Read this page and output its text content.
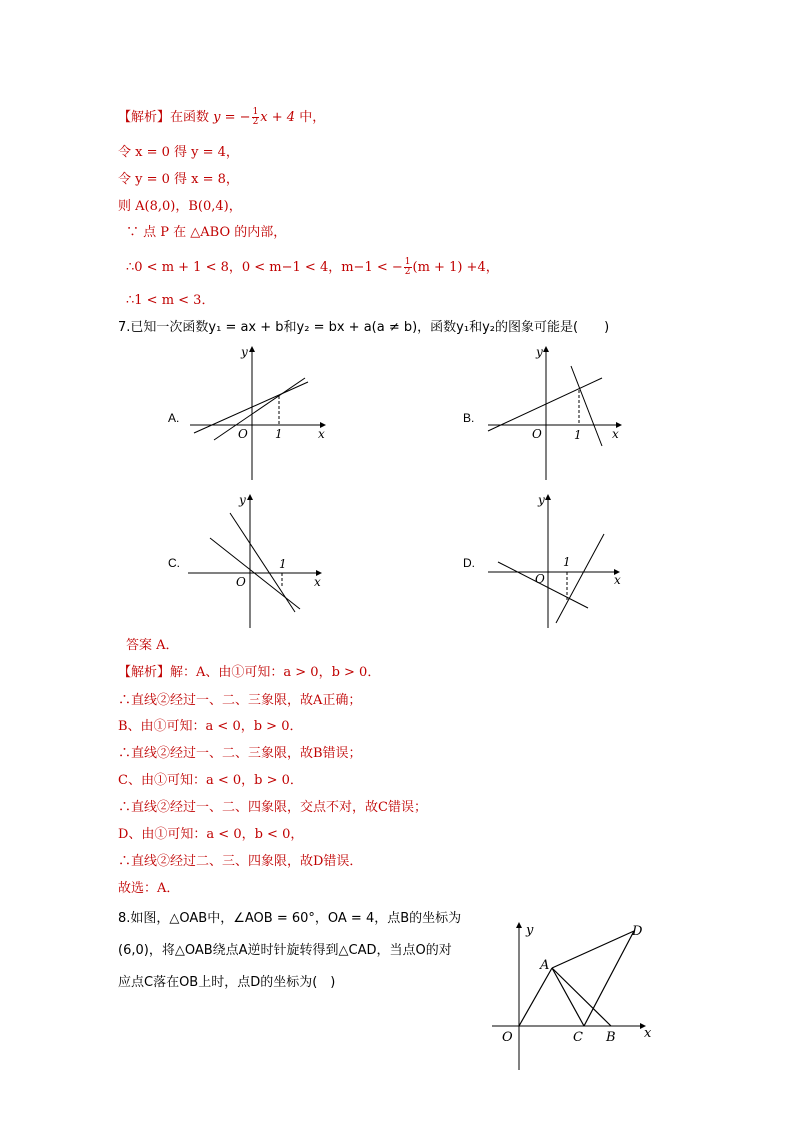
【解析】在函数 y = − $\frac{1}{2}$ x + 4 中，
令 x = 0 得 y = 4，
令 y = 0 得 x = 8，
则 A(8,0)，B(0,4)，
∵ 点 P 在 △ABO 的内部，
∴0 < m + 1 < 8，0 < m−1 < 4，m−1 < − $\frac{1}{2} (m + 1) +4$，
∴1 < m < 3．
7.已知一次函数y₁ = ax + b和y₂ = bx + a(a ≠ b)，函数y₁和y₂的图象可能是(　　)
A.
y
x
O 1
B.
y
x
O	1
C.
y
x
O
1	D.
y
x
O
1
答案 A．
【解析】解：A、由①可知：a > 0，b > 0．
∴直线②经过一、二、三象限，故A正确；
B、由①可知：a < 0，b > 0．
∴直线②经过一、二、三象限，故B错误；
C、由①可知：a < 0，b > 0．
∴直线②经过一、二、四象限，交点不对，故C错误；
D、由①可知：a < 0，b < 0，
∴直线②经过二、三、四象限，故D错误．
故选：A．
8.如图，△OAB中，∠AOB = 60°，OA = 4，点B的坐标为
(6,0)，将△OAB绕点A逆时针旋转得到△CAD，当点O的对
应点C落在OB上时，点D的坐标为(　)
y
x
O
A
C B
D
